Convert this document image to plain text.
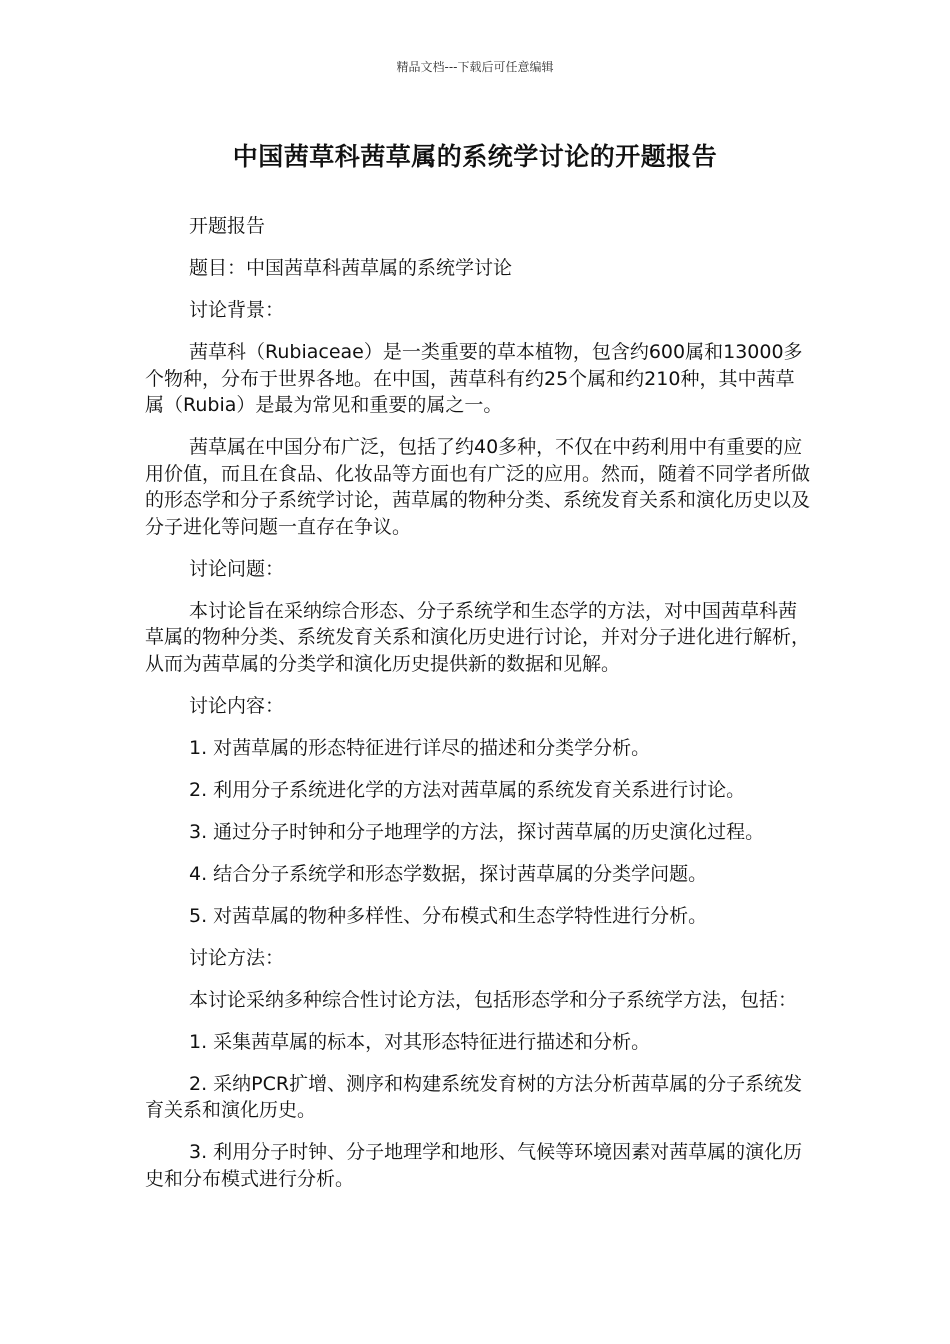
精品文档---下载后可任意编辑
中国茜草科茜草属的系统学讨论的开题报告

开题报告

题目：中国茜草科茜草属的系统学讨论

讨论背景：

茜草科（Rubiaceae）是一类重要的草本植物，包含约600属和13000多个物种，分布于世界各地。在中国，茜草科有约25个属和约210种，其中茜草属（Rubia）是最为常见和重要的属之一。

茜草属在中国分布广泛，包括了约40多种，不仅在中药利用中有重要的应用价值，而且在食品、化妆品等方面也有广泛的应用。然而，随着不同学者所做的形态学和分子系统学讨论，茜草属的物种分类、系统发育关系和演化历史以及分子进化等问题一直存在争议。

讨论问题：

本讨论旨在采纳综合形态、分子系统学和生态学的方法，对中国茜草科茜草属的物种分类、系统发育关系和演化历史进行讨论，并对分子进化进行解析，从而为茜草属的分类学和演化历史提供新的数据和见解。

讨论内容：

1. 对茜草属的形态特征进行详尽的描述和分类学分析。

2. 利用分子系统进化学的方法对茜草属的系统发育关系进行讨论。

3. 通过分子时钟和分子地理学的方法，探讨茜草属的历史演化过程。

4. 结合分子系统学和形态学数据，探讨茜草属的分类学问题。

5. 对茜草属的物种多样性、分布模式和生态学特性进行分析。

讨论方法：

本讨论采纳多种综合性讨论方法，包括形态学和分子系统学方法，包括：

1. 采集茜草属的标本，对其形态特征进行描述和分析。

2. 采纳PCR扩增、测序和构建系统发育树的方法分析茜草属的分子系统发育关系和演化历史。

3. 利用分子时钟、分子地理学和地形、气候等环境因素对茜草属的演化历史和分布模式进行分析。
